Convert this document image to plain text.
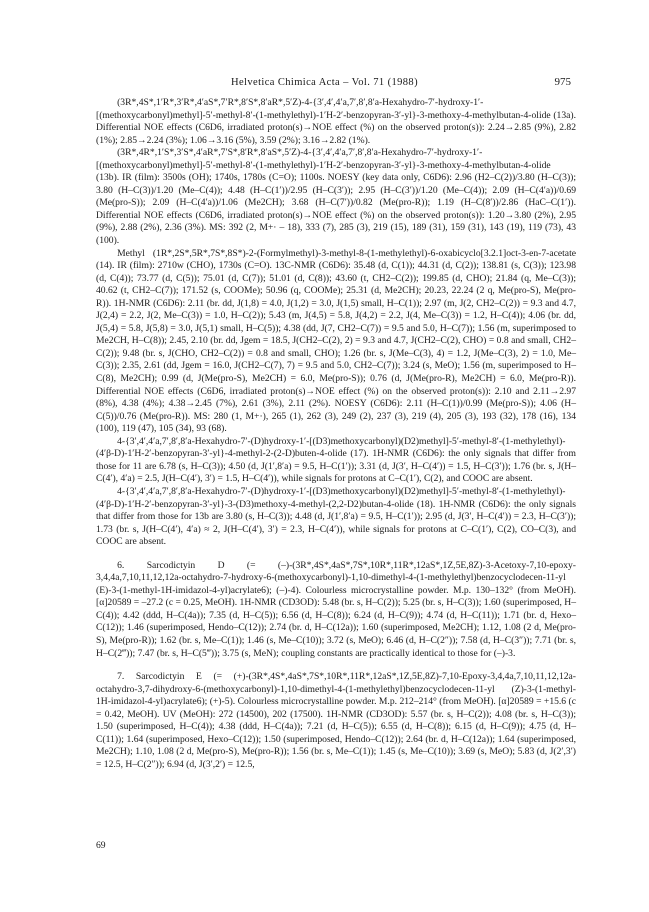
Helvetica Chimica Acta – Vol. 71 (1988)	975

(3R*,4S*,1′R*,3′R*,4′aS*,7′R*,8′S*,8′aR*,5′Z)-4-{3′,4′,4′a,7′,8′,8′a-Hexahydro-7′-hydroxy-1′-[(methoxycarbonyl)methyl]-5′-methyl-8′-(1-methylethyl)-1′H-2′-benzopyran-3′-yl}-3-methoxy-4-methylbutan-4-olide (13a). Differential NOE effects (C6D6, irradiated proton(s)→NOE effect (%) on the observed proton(s)): 2.24→2.85 (9%), 2.82 (1%); 2.85→2.24 (3%); 1.06→3.16 (5%), 3.59 (2%); 3.16→2.82 (1%).

(3R*,4R*,1′S*,3′S*,4′aR*,7′S*,8′R*,8′aS*,5′Z)-4-{3′,4′,4′a,7′,8′,8′a-Hexahydro-7′-hydroxy-1′-[(methoxycarbonyl)methyl]-5′-methyl-8′-(1-methylethyl)-1′H-2′-benzopyran-3′-yl}-3-methoxy-4-methylbutan-4-olide (13b). IR (film): 3500s (OH); 1740s, 1780s (C=O); 1100s. NOESY (key data only, C6D6): 2.96 (H2–C(2))/3.80 (H–C(3)); 3.80 (H–C(3))/1.20 (Me–C(4)); 4.48 (H–C(1′))/2.95 (H–C(3′)); 2.95 (H–C(3′))/1.20 (Me–C(4)); 2.09 (H–C(4′a))/0.69 (Me(pro-S)); 2.09 (H–C(4′a))/1.06 (Me2CH); 3.68 (H–C(7′))/0.82 (Me(pro-R)); 1.19 (H–C(8′))/2.86 (HaC–C(1′)). Differential NOE effects (C6D6, irradiated proton(s)→NOE effect (%) on the observed proton(s)): 1.20→3.80 (2%), 2.95 (9%), 2.88 (2%), 2.36 (3%). MS: 392 (2, M+· – 18), 333 (7), 285 (3), 219 (15), 189 (31), 159 (31), 143 (19), 119 (73), 43 (100).

Methyl (1R*,2S*,5R*,7S*,8S*)-2-(Formylmethyl)-3-methyl-8-(1-methylethyl)-6-oxabicyclo[3.2.1]oct-3-en-7-acetate (14). IR (film): 2710w (CHO), 1730s (C=O). 13C-NMR (C6D6): 35.48 (d, C(1)); 44.31 (d, C(2)); 138.81 (s, C(3)); 123.98 (d, C(4)); 73.77 (d, C(5)); 75.01 (d, C(7)); 51.01 (d, C(8)); 43.60 (t, CH2–C(2)); 199.85 (d, CHO); 21.84 (q, Me–C(3)); 40.62 (t, CH2–C(7)); 171.52 (s, COOMe); 50.96 (q, COOMe); 25.31 (d, Me2CH); 20.23, 22.24 (2 q, Me(pro-S), Me(pro-R)). 1H-NMR (C6D6): 2.11 (br. dd, J(1,8) = 4.0, J(1,2) = 3.0, J(1,5) small, H–C(1)); 2.97 (m, J(2, CH2–C(2)) = 9.3 and 4.7, J(2,4) = 2.2, J(2, Me–C(3)) = 1.0, H–C(2)); 5.43 (m, J(4,5) = 5.8, J(4,2) = 2.2, J(4, Me–C(3)) = 1.2, H–C(4)); 4.06 (br. dd, J(5,4) = 5.8, J(5,8) = 3.0, J(5,1) small, H–C(5)); 4.38 (dd, J(7, CH2–C(7)) = 9.5 and 5.0, H–C(7)); 1.56 (m, superimposed to Me2CH, H–C(8)); 2.45, 2.10 (br. dd, Jgem = 18.5, J(CH2–C(2), 2) = 9.3 and 4.7, J(CH2–C(2), CHO) = 0.8 and small, CH2–C(2)); 9.48 (br. s, J(CHO, CH2–C(2)) = 0.8 and small, CHO); 1.26 (br. s, J(Me–C(3), 4) = 1.2, J(Me–C(3), 2) = 1.0, Me–C(3)); 2.35, 2.61 (dd, Jgem = 16.0, J(CH2–C(7), 7) = 9.5 and 5.0, CH2–C(7)); 3.24 (s, MeO); 1.56 (m, superimposed to H–C(8), Me2CH); 0.99 (d, J(Me(pro-S), Me2CH) = 6.0, Me(pro-S)); 0.76 (d, J(Me(pro-R), Me2CH) = 6.0, Me(pro-R)). Differential NOE effects (C6D6, irradiated proton(s)→NOE effect (%) on the observed proton(s)): 2.10 and 2.11→2.97 (8%), 4.38 (4%); 4.38→2.45 (7%), 2.61 (3%), 2.11 (2%). NOESY (C6D6): 2.11 (H–C(1))/0.99 (Me(pro-S)); 4.06 (H–C(5))/0.76 (Me(pro-R)). MS: 280 (1, M+·), 265 (1), 262 (3), 249 (2), 237 (3), 219 (4), 205 (3), 193 (32), 178 (16), 134 (100), 119 (47), 105 (34), 93 (68).

4-{3′,4′,4′a,7′,8′,8′a-Hexahydro-7′-(D)hydroxy-1′-[(D3)methoxycarbonyl)(D2)methyl]-5′-methyl-8′-(1-methylethyl)-(4′β-D)-1′H-2′-benzopyran-3′-yl}-4-methyl-2-(2-D)buten-4-olide (17). 1H-NMR (C6D6): the only signals that differ from those for 11 are 6.78 (s, H–C(3)); 4.50 (d, J(1′,8′a) = 9.5, H–C(1′)); 3.31 (d, J(3′, H–C(4′)) = 1.5, H–C(3′)); 1.76 (br. s, J(H–C(4′), 4′a) = 2.5, J(H–C(4′), 3′) = 1.5, H–C(4′)), while signals for protons at C–C(1′), C(2), and COOC are absent.

4-{3′,4′,4′a,7′,8′,8′a-Hexahydro-7′-(D)hydroxy-1′-[(D3)methoxycarbonyl)(D2)methyl]-5′-methyl-8′-(1-methylethyl)-(4′β-D)-1′H-2′-benzopyran-3′-yl}-3-(D3)methoxy-4-methyl-(2,2-D2)butan-4-olide (18). 1H-NMR (C6D6): the only signals that differ from those for 13b are 3.80 (s, H–C(3)); 4.48 (d, J(1′,8′a) = 9.5, H–C(1′)); 2.95 (d, J(3′, H–C(4′)) = 2.3, H–C(3′)); 1.73 (br. s, J(H–C(4′), 4′a) ≈ 2, J(H–C(4′), 3′) = 2.3, H–C(4′)), while signals for protons at C–C(1′), C(2), CO–C(3), and COOC are absent.

6. Sarcodictyin D (= (–)-(3R*,4S*,4aS*,7S*,10R*,11R*,12aS*,1Z,5E,8Z)-3-Acetoxy-7,10-epoxy-3,4,4a,7,10,11,12,12a-octahydro-7-hydroxy-6-(methoxycarbonyl)-1,10-dimethyl-4-(1-methylethyl)benzocyclodecen-11-yl (E)-3-(1-methyl-1H-imidazol-4-yl)acrylate6); (–)-4). Colourless microcrystalline powder. M.p. 130–132° (from MeOH). [α]20589 = –27.2 (c = 0.25, MeOH). 1H-NMR (CD3OD): 5.48 (br. s, H–C(2)); 5.25 (br. s, H–C(3)); 1.60 (superimposed, H–C(4)); 4.42 (ddd, H–C(4a)); 7.35 (d, H–C(5)); 6.56 (d, H–C(8)); 6.24 (d, H–C(9)); 4.74 (d, H–C(11)); 1.71 (br. d, Hexo–C(12)); 1.46 (superimposed, Hendo–C(12)); 2.74 (br. d, H–C(12a)); 1.60 (superimposed, Me2CH); 1.12, 1.08 (2 d, Me(pro-S), Me(pro-R)); 1.62 (br. s, Me–C(1)); 1.46 (s, Me–C(10)); 3.72 (s, MeO); 6.46 (d, H–C(2″)); 7.58 (d, H–C(3″)); 7.71 (br. s, H–C(2‴)); 7.47 (br. s, H–C(5‴)); 3.75 (s, MeN); coupling constants are practically identical to those for (–)-3.

7. Sarcodictyin E (= (+)-(3R*,4S*,4aS*,7S*,10R*,11R*,12aS*,1Z,5E,8Z)-7,10-Epoxy-3,4,4a,7,10,11,12,12a-octahydro-3,7-dihydroxy-6-(methoxycarbonyl)-1,10-dimethyl-4-(1-methylethyl)benzocyclodecen-11-yl (Z)-3-(1-methyl-1H-imidazol-4-yl)acrylate6); (+)-5). Colourless microcrystalline powder. M.p. 212–214° (from MeOH). [α]20589 = +15.6 (c = 0.42, MeOH). UV (MeOH): 272 (14500), 202 (17500). 1H-NMR (CD3OD): 5.57 (br. s, H–C(2)); 4.08 (br. s, H–C(3)); 1.50 (superimposed, H–C(4)); 4.38 (ddd, H–C(4a)); 7.21 (d, H–C(5)); 6.55 (d, H–C(8)); 6.15 (d, H–C(9)); 4.75 (d, H–C(11)); 1.64 (superimposed, Hexo–C(12)); 1.50 (superimposed, Hendo–C(12)); 2.64 (br. d, H–C(12a)); 1.64 (superimposed, Me2CH); 1.10, 1.08 (2 d, Me(pro-S), Me(pro-R)); 1.56 (br. s, Me–C(1)); 1.45 (s, Me–C(10)); 3.69 (s, MeO); 5.83 (d, J(2′,3′) = 12.5, H–C(2″)); 6.94 (d, J(3′,2′) = 12.5,

69
